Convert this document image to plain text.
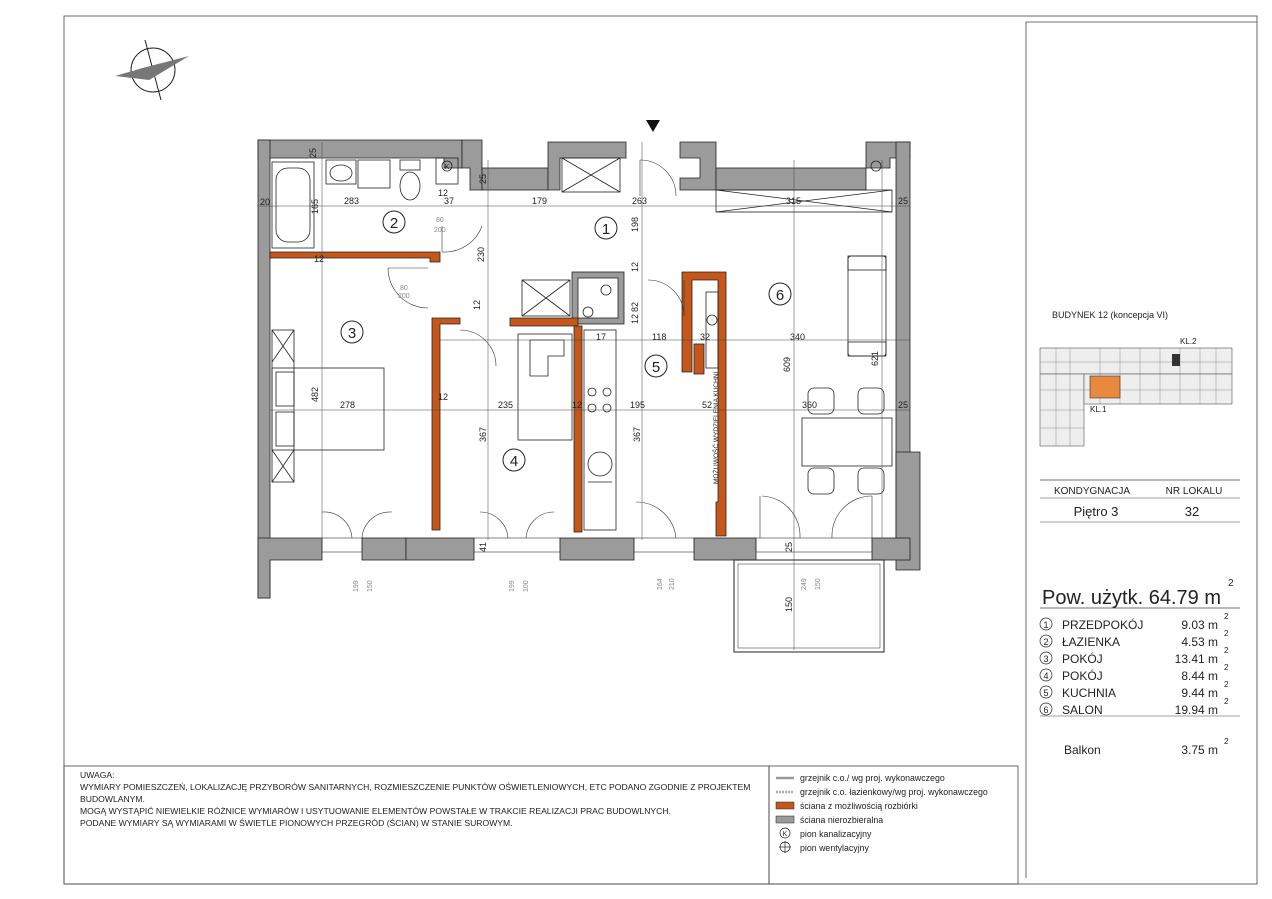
K
1
2
3
4
5
6
25
20	165	283	37	179	263	315	25
12
12	230
198
25
12
82
12
118	32	340
609	621
482
278
12
235	12	195	52	360	25
367	367
12
17
150
199 150	199 100	164 210	249 150
80
200
80
200
41	25
MOŻLIWOŚĆ WYDZIELENIA KUCHNI
BUDYNEK 12 (koncepcja VI)
KL.2
KL.1
KONDYGNACJA	NR LOKALU
Piętro 3	32
Pow. użytk. 64.79 m
2
1 PRZEDPOKÓJ	9.03 m
2
2 ŁAZIENKA	4.53 m
2
3 POKÓJ	13.41 m
2
4 POKÓJ	8.44 m
2
5 KUCHNIA	9.44 m
2
6 SALON	19.94 m
2
Balkon	3.75 m
2
UWAGA:
WYMIARY POMIESZCZEŃ, LOKALIZACJĘ PRZYBORÓW SANITARNYCH, ROZMIESZCZENIE PUNKTÓW OŚWIETLENIOWYCH, ETC PODANO ZGODNIE Z PROJEKTEM
BUDOWLANYM.
MOGĄ WYSTĄPIĆ NIEWIELKIE RÓŻNICE WYMIARÓW I USYTUOWANIE ELEMENTÓW POWSTAŁE W TRAKCIE REALIZACJI PRAC BUDOWLNYCH.
PODANE WYMIARY SĄ WYMIARAMI W ŚWIETLE PIONOWYCH PRZEGRÓD (ŚCIAN) W STANIE SUROWYM.
grzejnik c.o./ wg proj. wykonawczego
grzejnik c.o. łazienkowy/wg proj. wykonawczego
ściana z możliwością rozbiórki
ściana nierozbieralna
K pion kanalizacyjny
pion wentylacyjny
